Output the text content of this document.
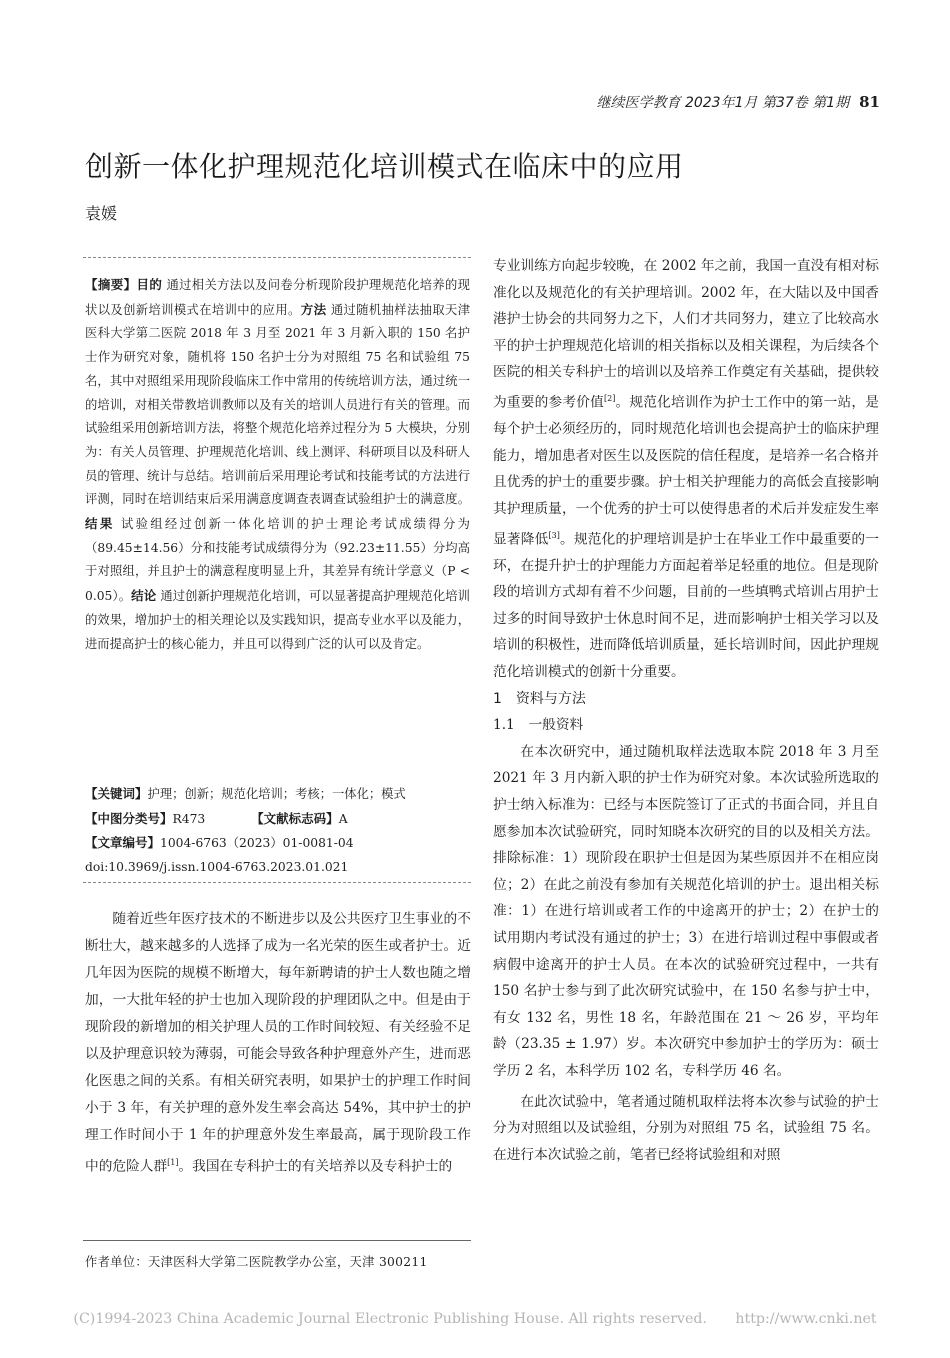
继续医学教育 2023年1月 第37卷 第1期 81
创新一体化护理规范化培训模式在临床中的应用
袁媛
【摘要】目的 通过相关方法以及问卷分析现阶段护理规范化培养的现状以及创新培训模式在培训中的应用。方法 通过随机抽样法抽取天津医科大学第二医院 2018 年 3 月至 2021 年 3 月新入职的 150 名护士作为研究对象，随机将 150 名护士分为对照组 75 名和试验组 75 名，其中对照组采用现阶段临床工作中常用的传统培训方法，通过统一的培训，对相关带教培训教师以及有关的培训人员进行有关的管理。而试验组采用创新培训方法，将整个规范化培养过程分为 5 大模块，分别为：有关人员管理、护理规范化培训、线上测评、科研项目以及科研人员的管理、统计与总结。培训前后采用理论考试和技能考试的方法进行评测，同时在培训结束后采用满意度调查表调查试验组护士的满意度。结果 试验组经过创新一体化培训的护士理论考试成绩得分为（89.45±14.56）分和技能考试成绩得分为（92.23±11.55）分均高于对照组，并且护士的满意程度明显上升，其差异有统计学意义（P < 0.05）。结论 通过创新护理规范化培训，可以显著提高护理规范化培训的效果，增加护士的相关理论以及实践知识，提高专业水平以及能力，进而提高护士的核心能力，并且可以得到广泛的认可以及肯定。
【关键词】护理；创新；规范化培训；考核；一体化；模式
【中图分类号】R473	【文献标志码】A
【文章编号】1004-6763（2023）01-0081-04
doi:10.3969/j.issn.1004-6763.2023.01.021
随着近些年医疗技术的不断进步以及公共医疗卫生事业的不断壮大，越来越多的人选择了成为一名光荣的医生或者护士。近几年因为医院的规模不断增大，每年新聘请的护士人数也随之增加，一大批年轻的护士也加入现阶段的护理团队之中。但是由于现阶段的新增加的相关护理人员的工作时间较短、有关经验不足以及护理意识较为薄弱，可能会导致各种护理意外产生，进而恶化医患之间的关系。有相关研究表明，如果护士的护理工作时间小于 3 年，有关护理的意外发生率会高达 54%，其中护士的护理工作时间小于 1 年的护理意外发生率最高，属于现阶段工作中的危险人群[1]。我国在专科护士的有关培养以及专科护士的
作者单位：天津医科大学第二医院教学办公室，天津 300211

专业训练方向起步较晚，在 2002 年之前，我国一直没有相对标准化以及规范化的有关护理培训。2002 年，在大陆以及中国香港护士协会的共同努力之下，人们才共同努力，建立了比较高水平的护士护理规范化培训的相关指标以及相关课程，为后续各个医院的相关专科护士的培训以及培养工作奠定有关基础，提供较为重要的参考价值[2]。规范化培训作为护士工作中的第一站，是每个护士必须经历的，同时规范化培训也会提高护士的临床护理能力，增加患者对医生以及医院的信任程度，是培养一名合格并且优秀的护士的重要步骤。护士相关护理能力的高低会直接影响其护理质量，一个优秀的护士可以使得患者的术后并发症发生率显著降低[3]。规范化的护理培训是护士在毕业工作中最重要的一环，在提升护士的护理能力方面起着举足轻重的地位。但是现阶段的培训方式却有着不少问题，目前的一些填鸭式培训占用护士过多的时间导致护士休息时间不足，进而影响护士相关学习以及培训的积极性，进而降低培训质量，延长培训时间，因此护理规范化培训模式的创新十分重要。

1　资料与方法

1.1　一般资料

在本次研究中，通过随机取样法选取本院 2018 年 3 月至 2021 年 3 月内新入职的护士作为研究对象。本次试验所选取的护士纳入标准为：已经与本医院签订了正式的书面合同，并且自愿参加本次试验研究，同时知晓本次研究的目的以及相关方法。排除标准：1）现阶段在职护士但是因为某些原因并不在相应岗位；2）在此之前没有参加有关规范化培训的护士。退出相关标准：1）在进行培训或者工作的中途离开的护士；2）在护士的试用期内考试没有通过的护士；3）在进行培训过程中事假或者病假中途离开的护士人员。在本次的试验研究过程中，一共有 150 名护士参与到了此次研究试验中，在 150 名参与护士中，有女 132 名，男性 18 名，年龄范围在 21 ～ 26 岁，平均年龄（23.35 ± 1.97）岁。本次研究中参加护士的学历为：硕士学历 2 名，本科学历 102 名，专科学历 46 名。

在此次试验中，笔者通过随机取样法将本次参与试验的护士分为对照组以及试验组，分别为对照组 75 名，试验组 75 名。在进行本次试验之前，笔者已经将试验组和对照

(C)1994-2023 China Academic Journal Electronic Publishing House. All rights reserved.　　http://www.cnki.net
